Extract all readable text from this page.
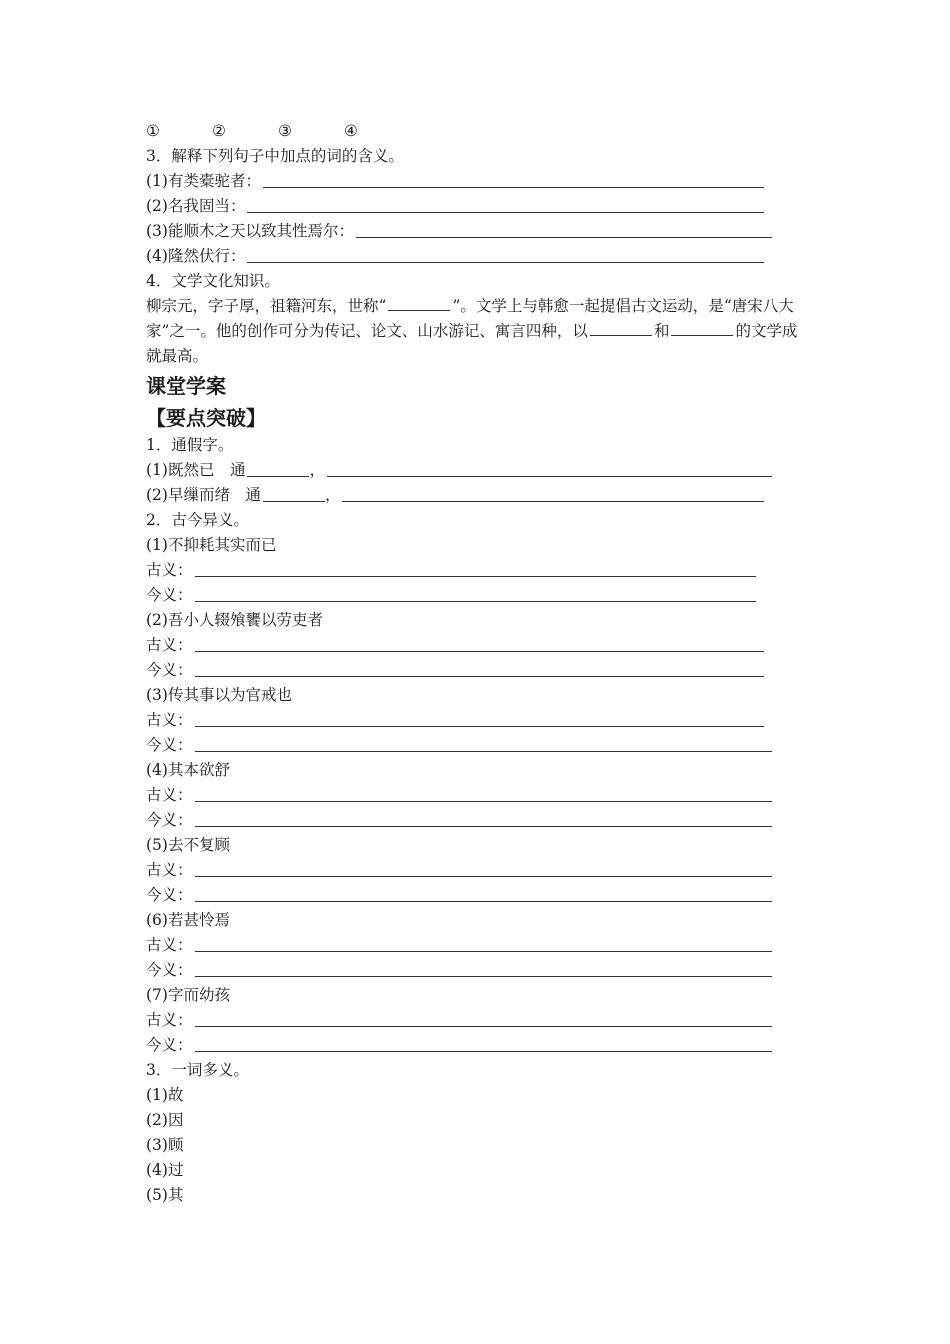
①	②	③	④
3．解释下列句子中加点的词的含义。
(1)有类橐驼者：
(2)名我固当：
(3)能顺木之天以致其性焉尔：
(4)隆然伏行：
4．文学文化知识。
柳宗元，字子厚，祖籍河东，世称“	”。文学上与韩愈一起提倡古文运动，是“唐宋八大家”之一。他的创作可分为传记、论文、山水游记、寓言四种，以	和	的文学成就最高。
课堂学案
【要点突破】
1．通假字。
(1)既然已　通	，
(2)早缫而绪　通	，
2．古今异义。
(1)不抑耗其实而已
古义：
今义：
(2)吾小人辍飧饔以劳吏者
古义：
今义：
(3)传其事以为官戒也
古义：
今义：
(4)其本欲舒
古义：
今义：
(5)去不复顾
古义：
今义：
(6)若甚怜焉
古义：
今义：
(7)字而幼孩
古义：
今义：
3．一词多义。
(1)故
(2)因
(3)顾
(4)过
(5)其
